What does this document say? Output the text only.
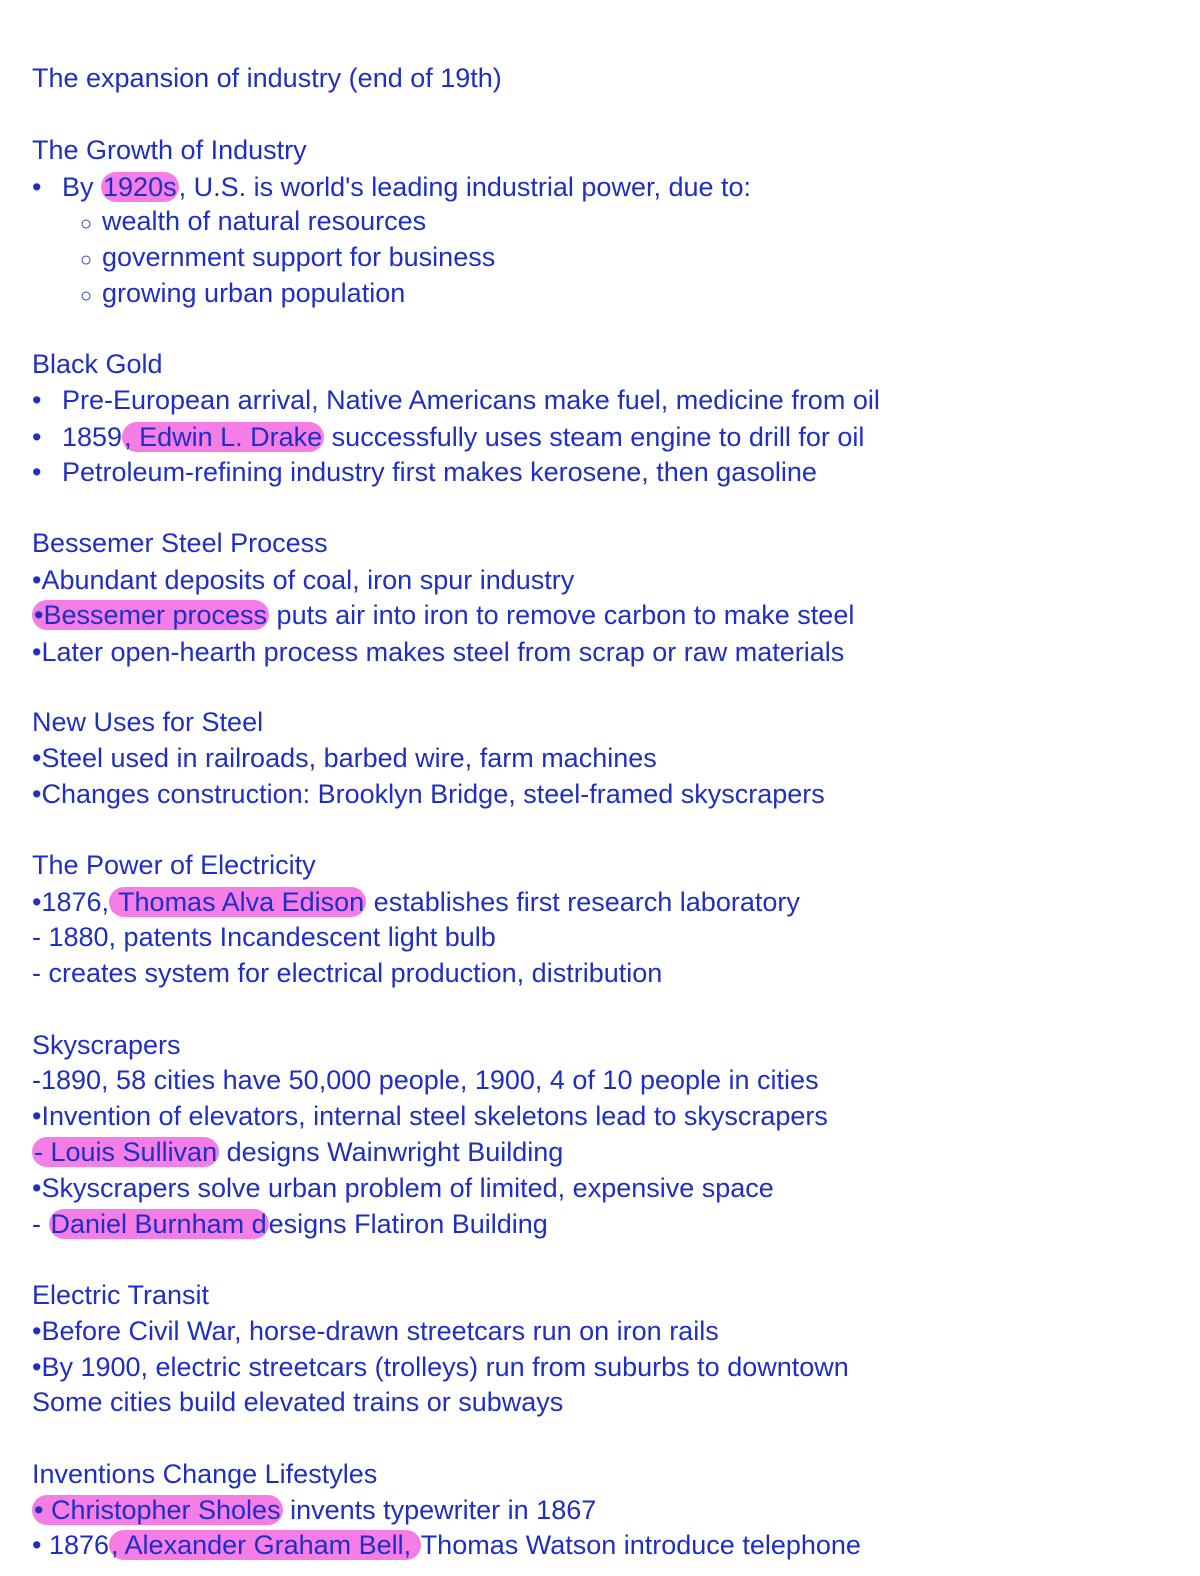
The expansion of industry (end of 19th)
The Growth of Industry
• By 1920s, U.S. is world's leading industrial power, due to:
○ wealth of natural resources
○ government support for business
○ growing urban population
Black Gold
• Pre-European arrival, Native Americans make fuel, medicine from oil
• 1859, Edwin L. Drake successfully uses steam engine to drill for oil
• Petroleum-refining industry first makes kerosene, then gasoline
Bessemer Steel Process
•Abundant deposits of coal, iron spur industry
•Bessemer process puts air into iron to remove carbon to make steel
•Later open-hearth process makes steel from scrap or raw materials
New Uses for Steel
•Steel used in railroads, barbed wire, farm machines
•Changes construction: Brooklyn Bridge, steel-framed skyscrapers
The Power of Electricity
•1876, Thomas Alva Edison establishes first research laboratory
- 1880, patents Incandescent light bulb
- creates system for electrical production, distribution
Skyscrapers
-1890, 58 cities have 50,000 people, 1900, 4 of 10 people in cities
•Invention of elevators, internal steel skeletons lead to skyscrapers
- Louis Sullivan designs Wainwright Building
•Skyscrapers solve urban problem of limited, expensive space
- Daniel Burnham designs Flatiron Building
Electric Transit
•Before Civil War, horse-drawn streetcars run on iron rails
•By 1900, electric streetcars (trolleys) run from suburbs to downtown
Some cities build elevated trains or subways
Inventions Change Lifestyles
• Christopher Sholes invents typewriter in 1867
• 1876, Alexander Graham Bell, Thomas Watson introduce telephone
